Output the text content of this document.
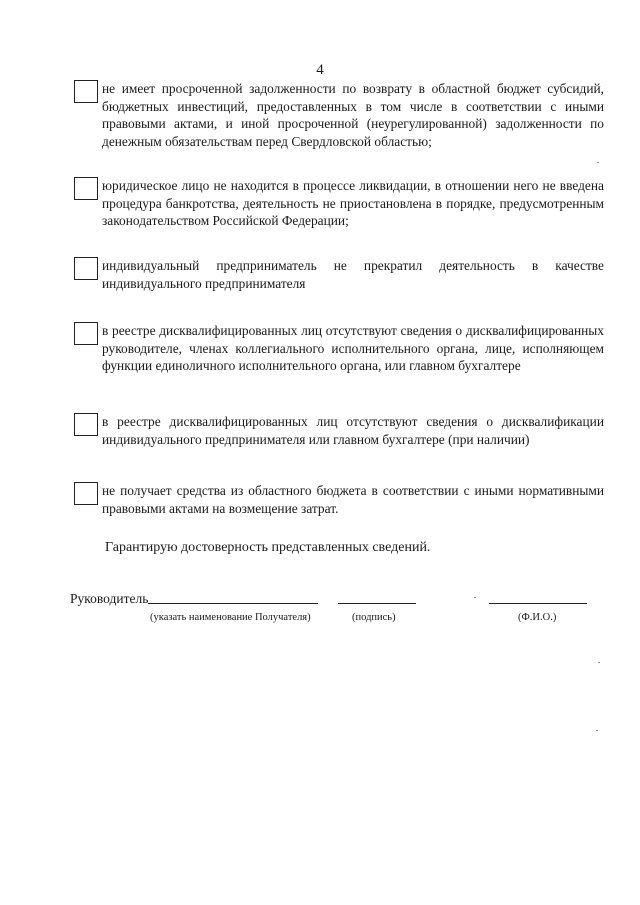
4
не имеет просроченной задолженности по возврату в областной бюджет субсидий, бюджетных инвестиций, предоставленных в том числе в соответствии с иными правовыми актами, и иной просроченной (неурегулированной) задолженности по денежным обязательствам перед Свердловской областью;
юридическое лицо не находится в процессе ликвидации, в отношении него не введена процедура банкротства, деятельность не приостановлена в порядке, предусмотренным законодательством Российской Федерации;
индивидуальный предприниматель не прекратил деятельность в качестве индивидуального предпринимателя
в реестре дисквалифицированных лиц отсутствуют сведения о дисквалифицированных руководителе, членах коллегиального исполнительного органа, лице, исполняющем функции единоличного исполнительного органа, или главном бухгалтере
в реестре дисквалифицированных лиц отсутствуют сведения о дисквалификации индивидуального предпринимателя или главном бухгалтере (при наличии)
не получает средства из областного бюджета в соответствии с иными нормативными правовыми актами на возмещение затрат.
Гарантирую достоверность представленных сведений.
Руководитель
(указать наименование Получателя)	(подпись)	(Ф.И.О.)
